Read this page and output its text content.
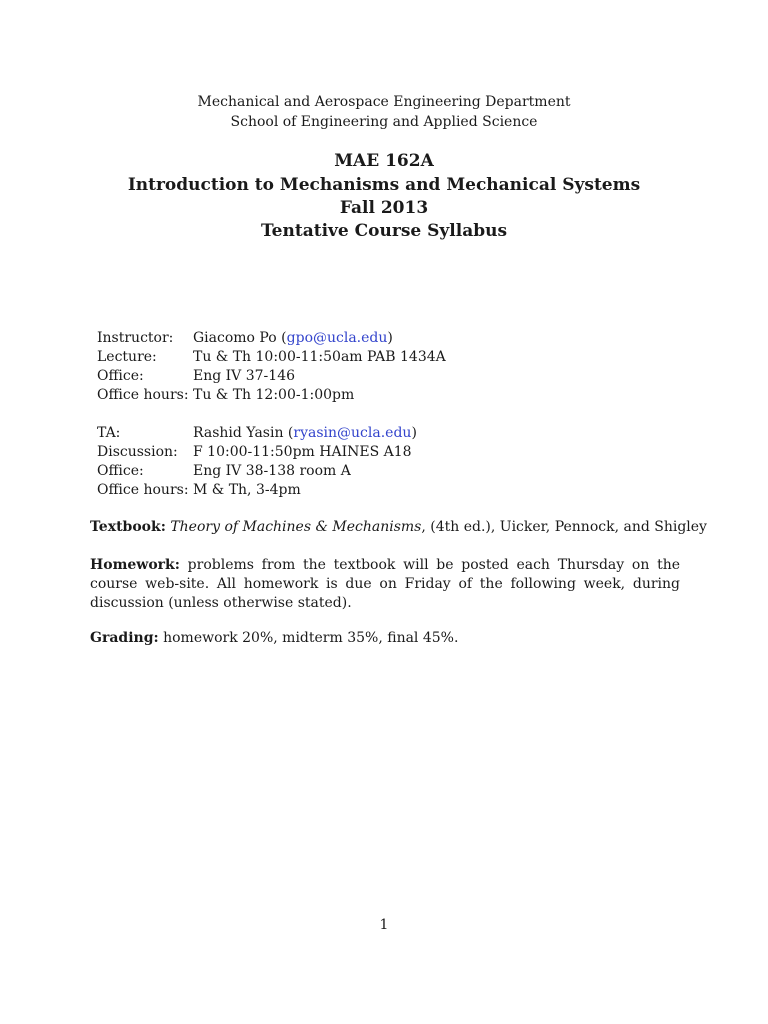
Mechanical and Aerospace Engineering Department
School of Engineering and Applied Science
MAE 162A
Introduction to Mechanisms and Mechanical Systems
Fall 2013
Tentative Course Syllabus
Instructor: Giacomo Po (gpo@ucla.edu)
Lecture:	Tu & Th 10:00-11:50am PAB 1434A
Office:	Eng IV 37-146
Office hours: Tu & Th 12:00-1:00pm
TA:	Rashid Yasin (ryasin@ucla.edu)
Discussion: F 10:00-11:50pm HAINES A18
Office:	Eng IV 38-138 room A
Office hours: M & Th, 3-4pm
Textbook: Theory of Machines & Mechanisms, (4th ed.), Uicker, Pennock, and Shigley
Homework: problems from the textbook will be posted each Thursday on the course web-site. All homework is due on Friday of the following week, during discussion (unless otherwise stated).
Grading: homework 20%, midterm 35%, final 45%.
1
